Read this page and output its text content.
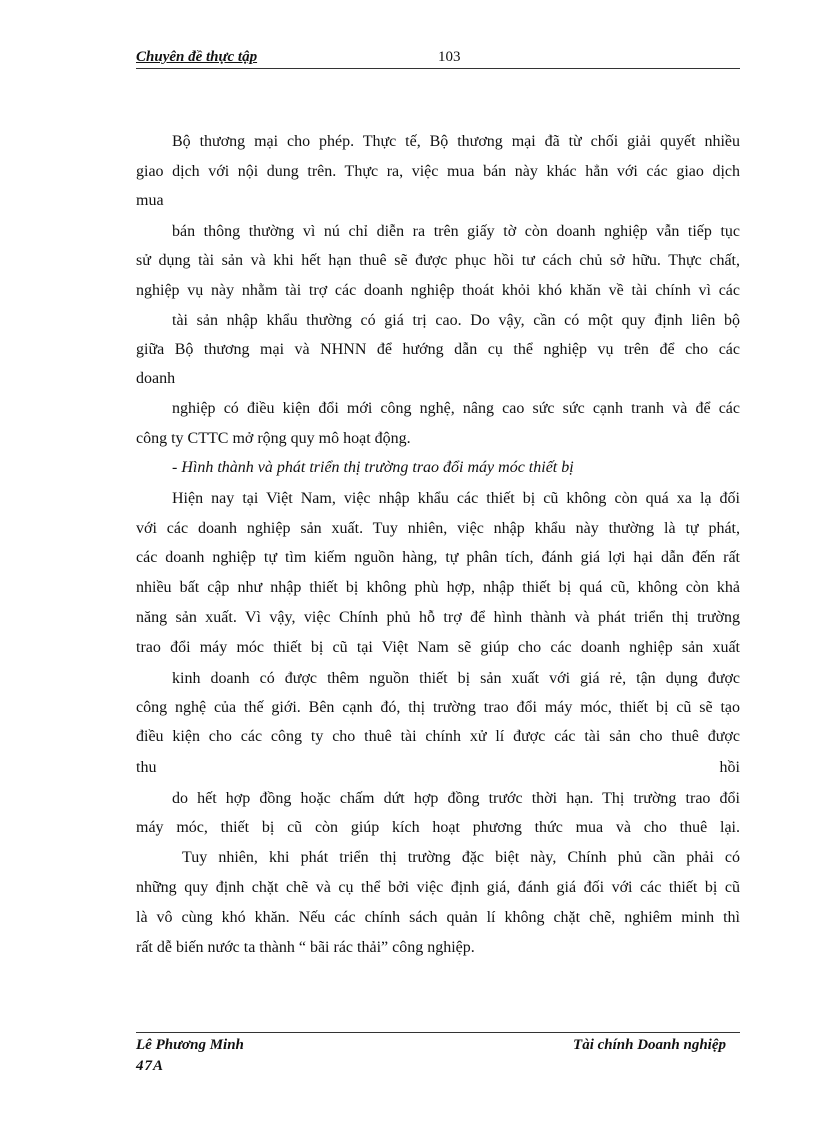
Chuyên đề thực tập	103
Bộ thương mại cho phép. Thực tế, Bộ thương mại đã từ chối giải quyết nhiều
giao dịch với nội dung trên. Thực ra, việc mua bán này khác hẳn với các giao dịch
mua
bán thông thường vì nú chỉ diễn ra trên giấy tờ còn doanh nghiệp vẫn tiếp tục
sử dụng tài sản và khi hết hạn thuê sẽ được phục hồi tư cách chủ sở hữu. Thực chất,
nghiệp vụ này nhằm tài trợ các doanh nghiệp thoát khỏi khó khăn về tài chính vì các
tài sản nhập khẩu thường có giá trị cao. Do vậy, cần có một quy định liên bộ
giữa Bộ thương mại và NHNN để hướng dẫn cụ thể nghiệp vụ trên để cho các
doanh
nghiệp có điều kiện đổi mới công nghệ, nâng cao sức sức cạnh tranh và để các
công ty CTTC mở rộng quy mô hoạt động.
- Hình thành và phát triển thị trường trao đổi máy móc thiết bị
Hiện nay tại Việt Nam, việc nhập khẩu các thiết bị cũ không còn quá xa lạ đối
với các doanh nghiệp sản xuất. Tuy nhiên, việc nhập khẩu này thường là tự phát,
các doanh nghiệp tự tìm kiếm nguồn hàng, tự phân tích, đánh giá lợi hại dẫn đến rất
nhiều bất cập như nhập thiết bị không phù hợp, nhập thiết bị quá cũ, không còn khả
năng sản xuất. Vì vậy, việc Chính phủ hỗ trợ để hình thành và phát triển thị trường
trao đổi máy móc thiết bị cũ tại Việt Nam sẽ giúp cho các doanh nghiệp sản xuất
kinh doanh có được thêm nguồn thiết bị sản xuất với giá rẻ, tận dụng được
công nghệ của thế giới. Bên cạnh đó, thị trường trao đổi máy móc, thiết bị cũ sẽ tạo
điều kiện cho các công ty cho thuê tài chính xử lí được các tài sản cho thuê được
thu hồi
do hết hợp đồng hoặc chấm dứt hợp đồng trước thời hạn. Thị trường trao đổi
máy móc, thiết bị cũ còn giúp kích hoạt phương thức mua và cho thuê lại.
Tuy nhiên, khi phát triển thị trường đặc biệt này, Chính phủ cần phải có
những quy định chặt chẽ và cụ thể bởi việc định giá, đánh giá đối với các thiết bị cũ
là vô cùng khó khăn. Nếu các chính sách quản lí không chặt chẽ, nghiêm minh thì
rất dễ biến nước ta thành “ bãi rác thải” công nghiệp.
Lê Phương Minh	Tài chính Doanh nghiệp
47A
